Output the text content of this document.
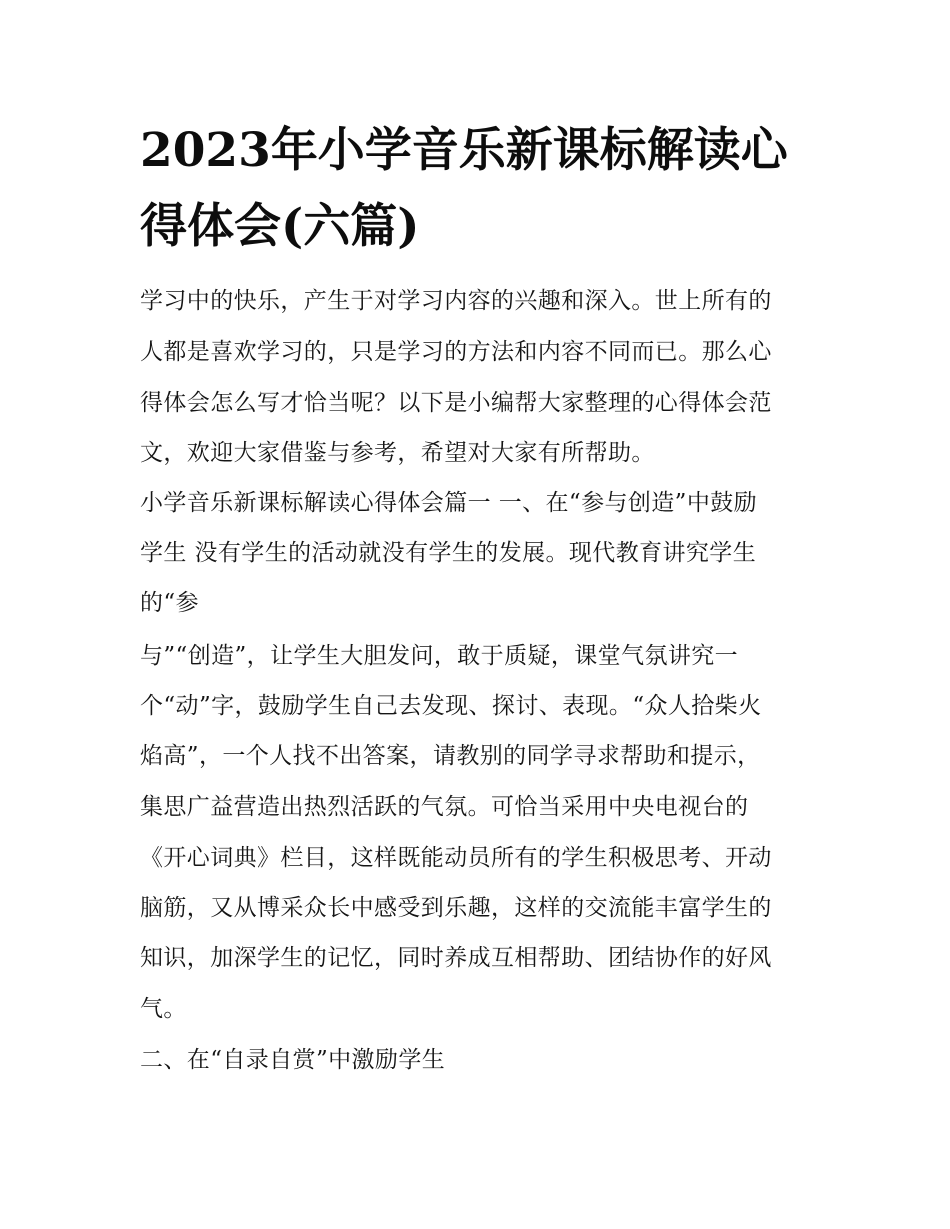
2023年小学音乐新课标解读心
得体会(六篇)
学习中的快乐，产生于对学习内容的兴趣和深入。世上所有的
人都是喜欢学习的，只是学习的方法和内容不同而已。那么心
得体会怎么写才恰当呢？以下是小编帮大家整理的心得体会范
文，欢迎大家借鉴与参考，希望对大家有所帮助。
小学音乐新课标解读心得体会篇一 一、在“参与创造”中鼓励
学生 没有学生的活动就没有学生的发展。现代教育讲究学生
的“参
与”“创造”，让学生大胆发问，敢于质疑，课堂气氛讲究一
个“动”字，鼓励学生自己去发现、探讨、表现。“众人拾柴火
焰高”，一个人找不出答案，请教别的同学寻求帮助和提示，
集思广益营造出热烈活跃的气氛。可恰当采用中央电视台的
《开心词典》栏目，这样既能动员所有的学生积极思考、开动
脑筋，又从博采众长中感受到乐趣，这样的交流能丰富学生的
知识，加深学生的记忆，同时养成互相帮助、团结协作的好风
气。
二、在“自录自赏”中激励学生
